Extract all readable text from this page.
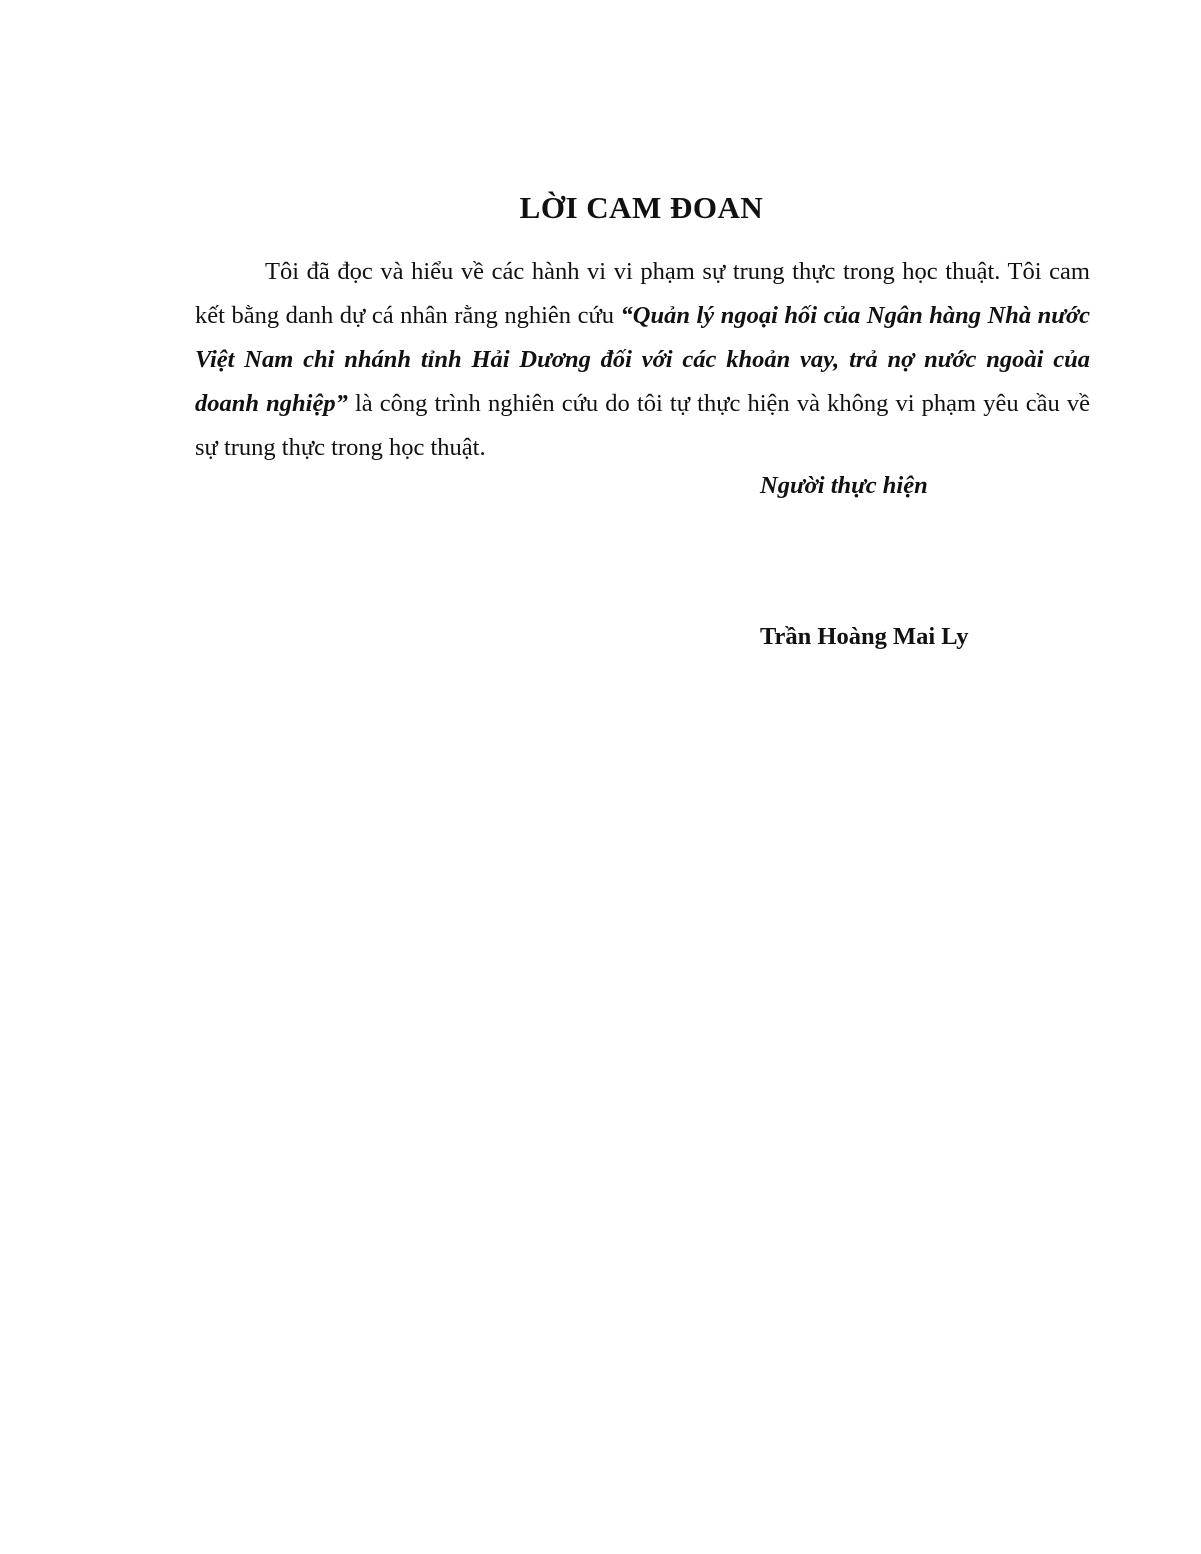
LỜI CAM ĐOAN

Tôi đã đọc và hiểu về các hành vi vi phạm sự trung thực trong học thuật. Tôi cam kết bằng danh dự cá nhân rằng nghiên cứu “Quản lý ngoại hối của Ngân hàng Nhà nước Việt Nam chi nhánh tỉnh Hải Dương đối với các khoản vay, trả nợ nước ngoài của doanh nghiệp” là công trình nghiên cứu do tôi tự thực hiện và không vi phạm yêu cầu về sự trung thực trong học thuật.

Người thực hiện

Trần Hoàng Mai Ly
